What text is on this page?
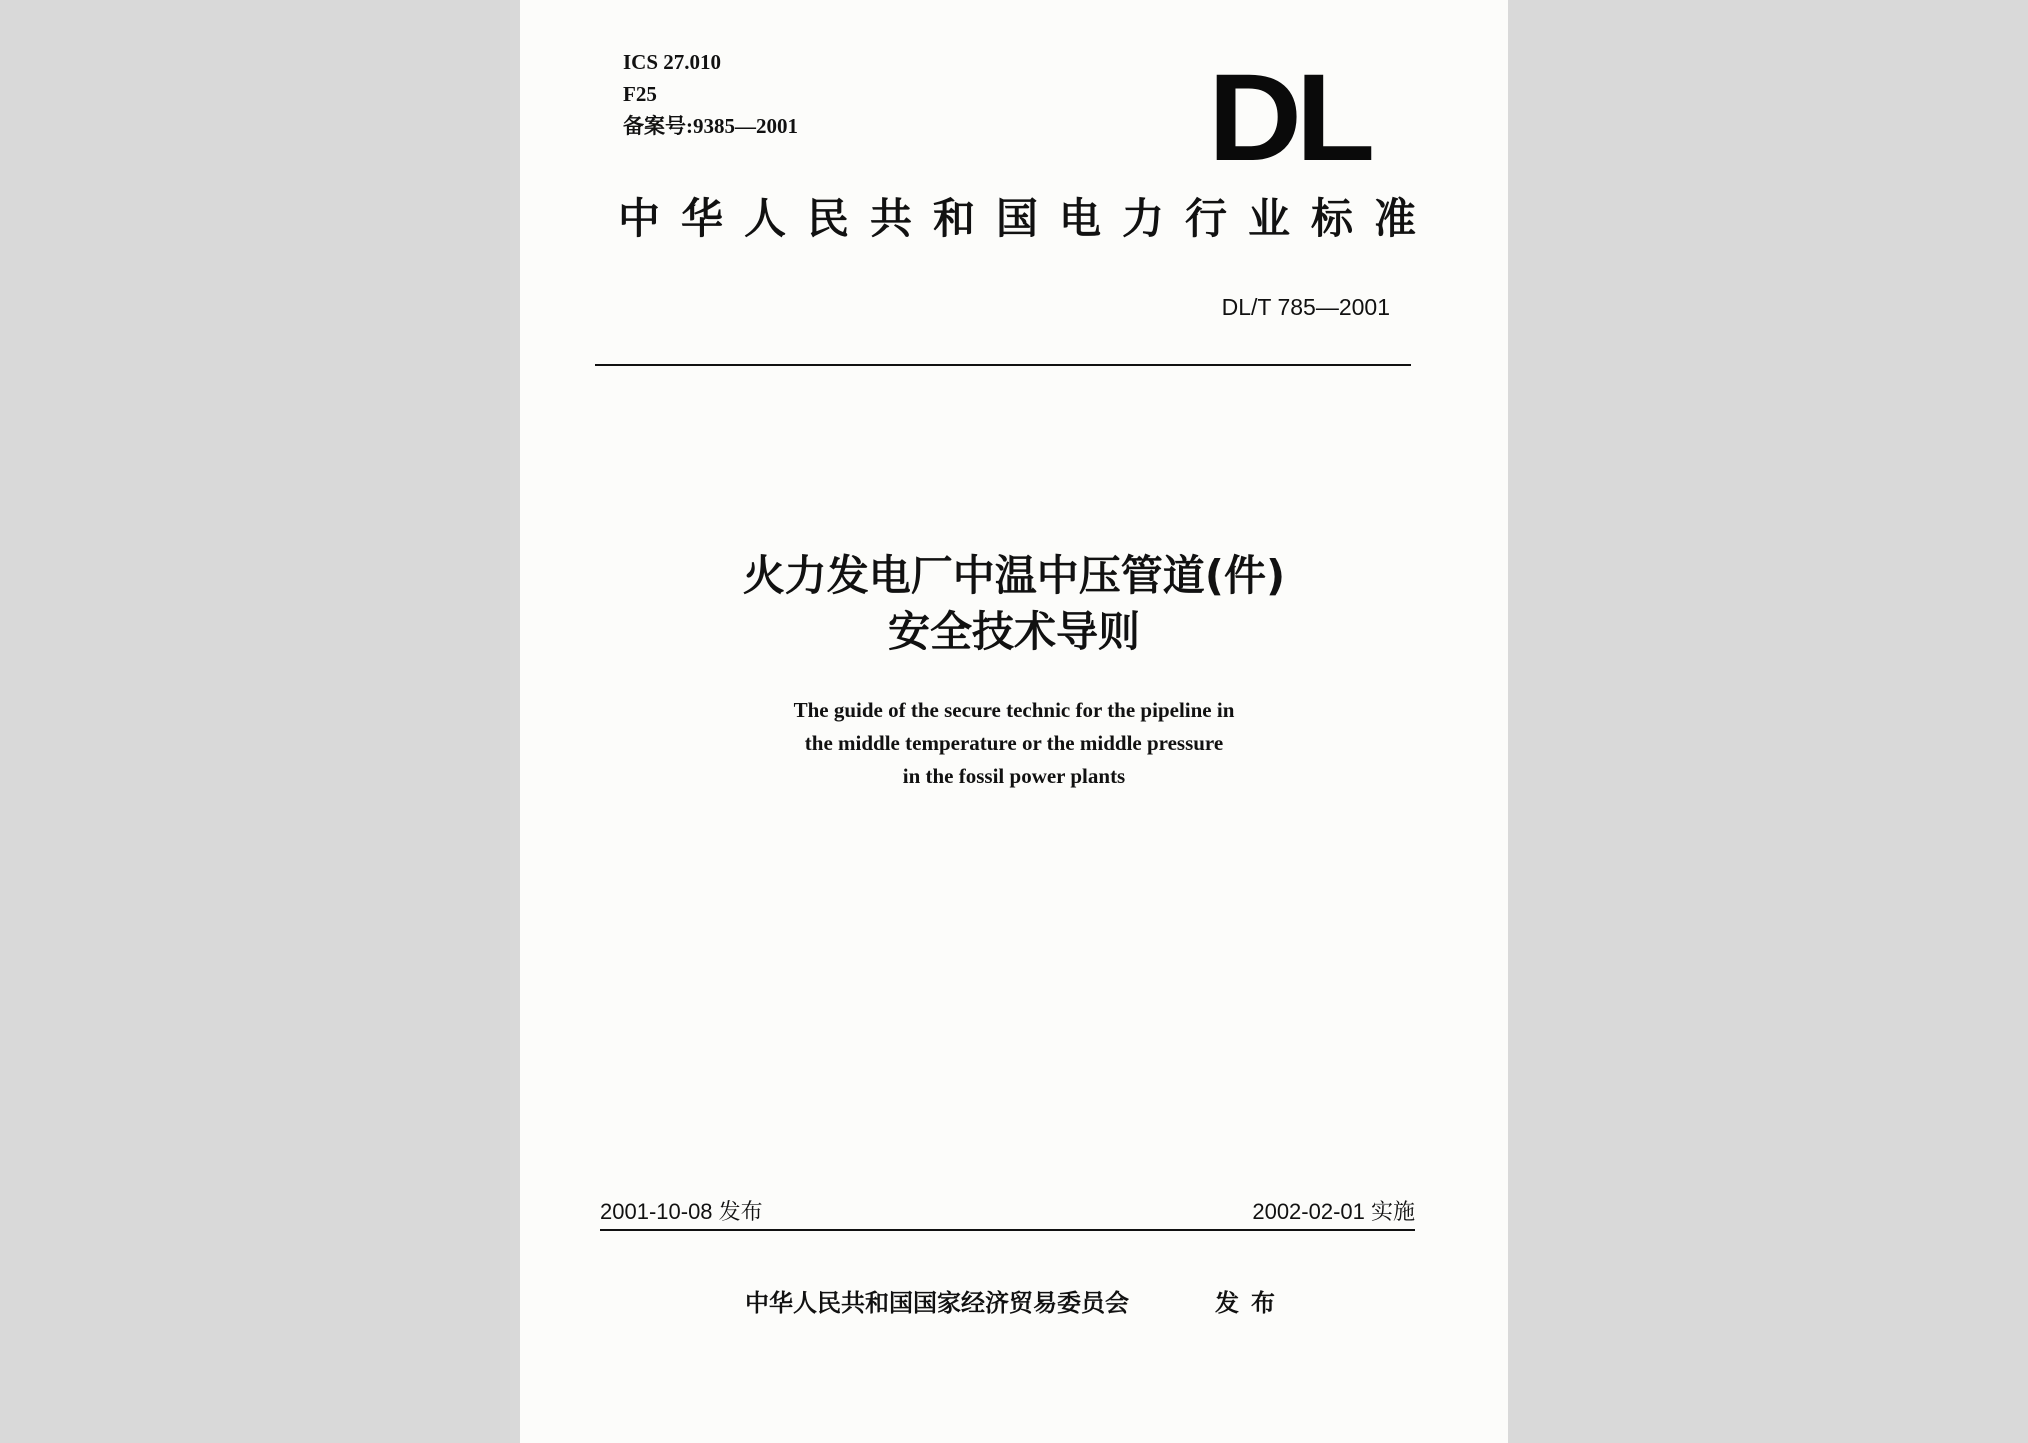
ICS 27.010
F25
备案号:9385—2001	DL
中华人民共和国电力行业标准
DL/T 785—2001
火力发电厂中温中压管道(件)
安全技术导则
The guide of the secure technic for the pipeline in
the middle temperature or the middle pressure
in the fossil power plants
2001-10-08 发布	2002-02-01 实施
中华人民共和国国家经济贸易委员会	发布
